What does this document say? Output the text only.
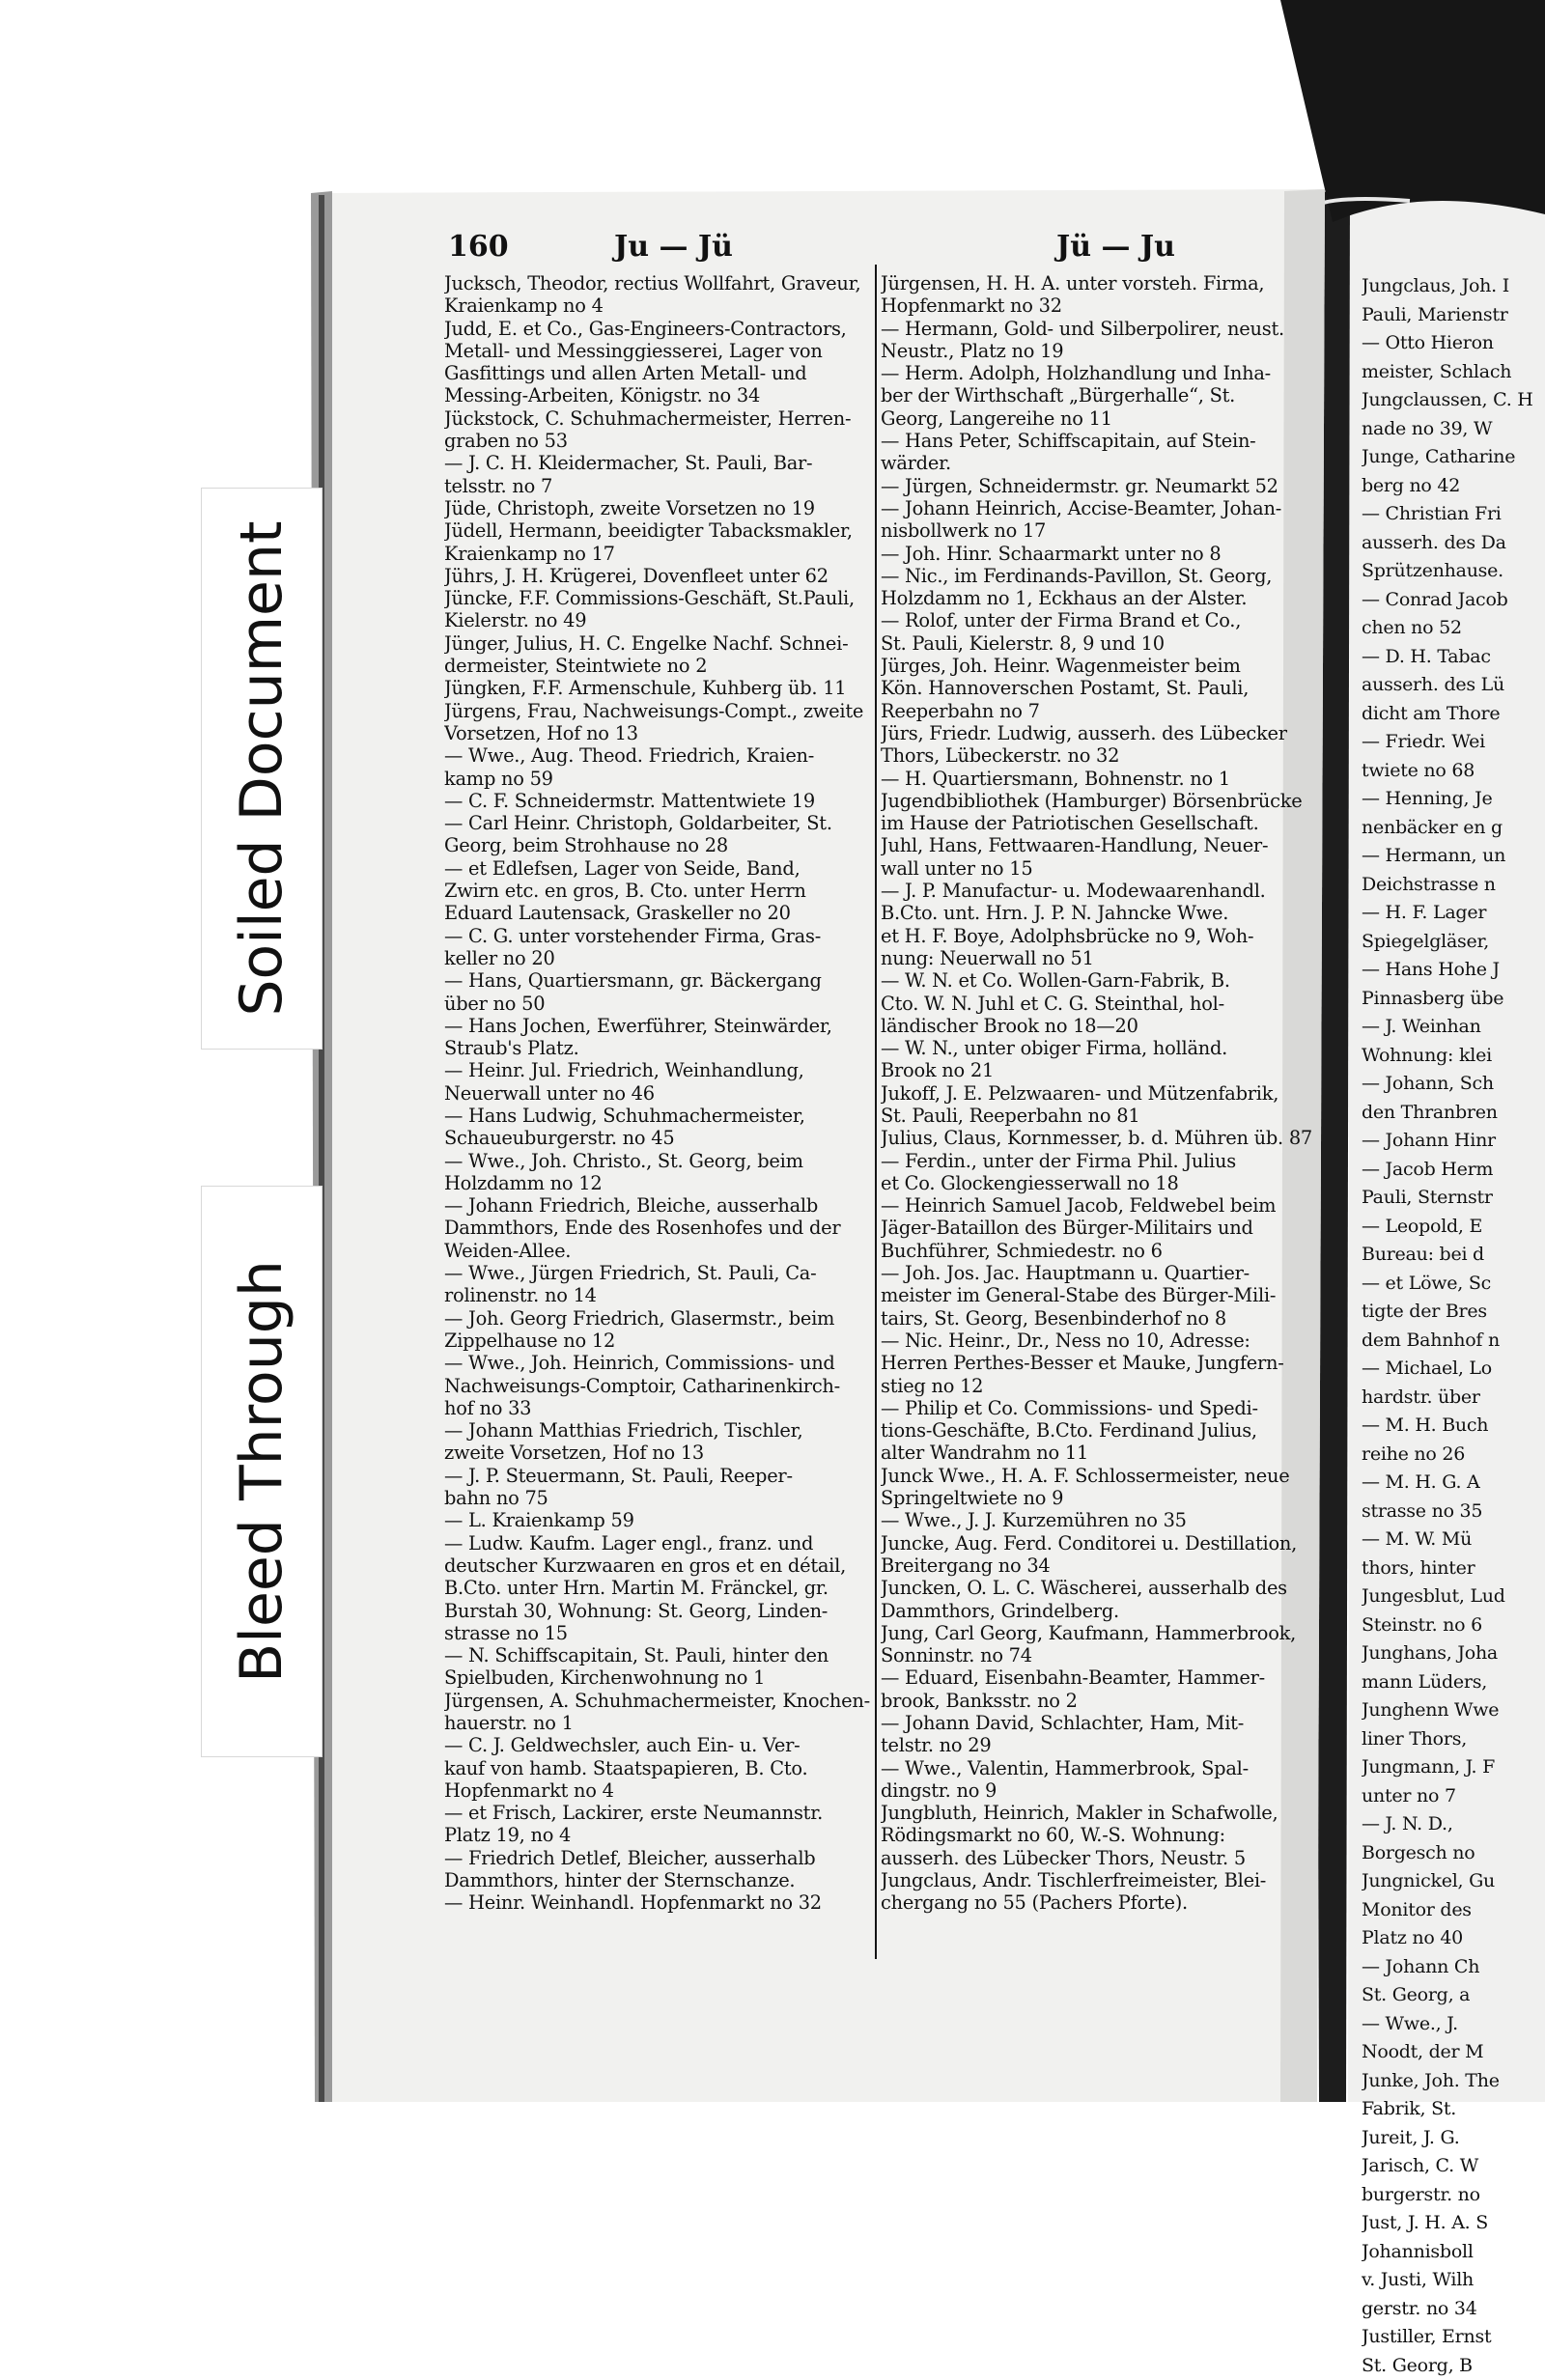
Soiled Document
Bleed Through
160	Ju — Jü	Jü — Ju
Jucksch, Theodor, rectius Wollfahrt, Graveur,
Kraienkamp no 4
Judd, E. et Co., Gas-Engineers-Contractors,
Metall- und Messinggiesserei, Lager von
Gasfittings und allen Arten Metall- und
Messing-Arbeiten, Königstr. no 34
Jückstock, C. Schuhmachermeister, Herren-
graben no 53
— J. C. H. Kleidermacher, St. Pauli, Bar-
telsstr. no 7
Jüde, Christoph, zweite Vorsetzen no 19
Jüdell, Hermann, beeidigter Tabacksmakler,
Kraienkamp no 17
Jührs, J. H. Krügerei, Dovenfleet unter 62
Jüncke, F.F. Commissions-Geschäft, St.Pauli,
Kielerstr. no 49
Jünger, Julius, H. C. Engelke Nachf. Schnei-
dermeister, Steintwiete no 2
Jüngken, F.F. Armenschule, Kuhberg üb. 11
Jürgens, Frau, Nachweisungs-Compt., zweite
Vorsetzen, Hof no 13
— Wwe., Aug. Theod. Friedrich, Kraien-
kamp no 59
— C. F. Schneidermstr. Mattentwiete 19
— Carl Heinr. Christoph, Goldarbeiter, St.
Georg, beim Strohhause no 28
— et Edlefsen, Lager von Seide, Band,
Zwirn etc. en gros, B. Cto. unter Herrn
Eduard Lautensack, Graskeller no 20
— C. G. unter vorstehender Firma, Gras-
keller no 20
— Hans, Quartiersmann, gr. Bäckergang
über no 50
— Hans Jochen, Ewerführer, Steinwärder,
Straub's Platz.
— Heinr. Jul. Friedrich, Weinhandlung,
Neuerwall unter no 46
— Hans Ludwig, Schuhmachermeister,
Schaueuburgerstr. no 45
— Wwe., Joh. Christo., St. Georg, beim
Holzdamm no 12
— Johann Friedrich, Bleiche, ausserhalb
Dammthors, Ende des Rosenhofes und der
Weiden-Allee.
— Wwe., Jürgen Friedrich, St. Pauli, Ca-
rolinenstr. no 14
— Joh. Georg Friedrich, Glasermstr., beim
Zippelhause no 12
— Wwe., Joh. Heinrich, Commissions- und
Nachweisungs-Comptoir, Catharinenkirch-
hof no 33
— Johann Matthias Friedrich, Tischler,
zweite Vorsetzen, Hof no 13
— J. P. Steuermann, St. Pauli, Reeper-
bahn no 75
— L. Kraienkamp 59
— Ludw. Kaufm. Lager engl., franz. und
deutscher Kurzwaaren en gros et en détail,
B.Cto. unter Hrn. Martin M. Fränckel, gr.
Burstah 30, Wohnung: St. Georg, Linden-
strasse no 15
— N. Schiffscapitain, St. Pauli, hinter den
Spielbuden, Kirchenwohnung no 1
Jürgensen, A. Schuhmachermeister, Knochen-
hauerstr. no 1
— C. J. Geldwechsler, auch Ein- u. Ver-
kauf von hamb. Staatspapieren, B. Cto.
Hopfenmarkt no 4
— et Frisch, Lackirer, erste Neumannstr.
Platz 19, no 4
— Friedrich Detlef, Bleicher, ausserhalb
Dammthors, hinter der Sternschanze.
— Heinr. Weinhandl. Hopfenmarkt no 32
Jürgensen, H. H. A. unter vorsteh. Firma,
Hopfenmarkt no 32
— Hermann, Gold- und Silberpolirer, neust.
Neustr., Platz no 19
— Herm. Adolph, Holzhandlung und Inha-
ber der Wirthschaft „Bürgerhalle“, St.
Georg, Langereihe no 11
— Hans Peter, Schiffscapitain, auf Stein-
wärder.
— Jürgen, Schneidermstr. gr. Neumarkt 52
— Johann Heinrich, Accise-Beamter, Johan-
nisbollwerk no 17
— Joh. Hinr. Schaarmarkt unter no 8
— Nic., im Ferdinands-Pavillon, St. Georg,
Holzdamm no 1, Eckhaus an der Alster.
— Rolof, unter der Firma Brand et Co.,
St. Pauli, Kielerstr. 8, 9 und 10
Jürges, Joh. Heinr. Wagenmeister beim
Kön. Hannoverschen Postamt, St. Pauli,
Reeperbahn no 7
Jürs, Friedr. Ludwig, ausserh. des Lübecker
Thors, Lübeckerstr. no 32
— H. Quartiersmann, Bohnenstr. no 1
Jugendbibliothek (Hamburger) Börsenbrücke
im Hause der Patriotischen Gesellschaft.
Juhl, Hans, Fettwaaren-Handlung, Neuer-
wall unter no 15
— J. P. Manufactur- u. Modewaarenhandl.
B.Cto. unt. Hrn. J. P. N. Jahncke Wwe.
et H. F. Boye, Adolphsbrücke no 9, Woh-
nung: Neuerwall no 51
— W. N. et Co. Wollen-Garn-Fabrik, B.
Cto. W. N. Juhl et C. G. Steinthal, hol-
ländischer Brook no 18—20
— W. N., unter obiger Firma, holländ.
Brook no 21
Jukoff, J. E. Pelzwaaren- und Mützenfabrik,
St. Pauli, Reeperbahn no 81
Julius, Claus, Kornmesser, b. d. Mühren üb. 87
— Ferdin., unter der Firma Phil. Julius
et Co. Glockengiesserwall no 18
— Heinrich Samuel Jacob, Feldwebel beim
Jäger-Bataillon des Bürger-Militairs und
Buchführer, Schmiedestr. no 6
— Joh. Jos. Jac. Hauptmann u. Quartier-
meister im General-Stabe des Bürger-Mili-
tairs, St. Georg, Besenbinderhof no 8
— Nic. Heinr., Dr., Ness no 10, Adresse:
Herren Perthes-Besser et Mauke, Jungfern-
stieg no 12
— Philip et Co. Commissions- und Spedi-
tions-Geschäfte, B.Cto. Ferdinand Julius,
alter Wandrahm no 11
Junck Wwe., H. A. F. Schlossermeister, neue
Springeltwiete no 9
— Wwe., J. J. Kurzemühren no 35
Juncke, Aug. Ferd. Conditorei u. Destillation,
Breitergang no 34
Juncken, O. L. C. Wäscherei, ausserhalb des
Dammthors, Grindelberg.
Jung, Carl Georg, Kaufmann, Hammerbrook,
Sonninstr. no 74
— Eduard, Eisenbahn-Beamter, Hammer-
brook, Banksstr. no 2
— Johann David, Schlachter, Ham, Mit-
telstr. no 29
— Wwe., Valentin, Hammerbrook, Spal-
dingstr. no 9
Jungbluth, Heinrich, Makler in Schafwolle,
Rödingsmarkt no 60, W.-S. Wohnung:
ausserh. des Lübecker Thors, Neustr. 5
Jungclaus, Andr. Tischlerfreimeister, Blei-
chergang no 55 (Pachers Pforte).
Jungclaus, Joh. I
Pauli, Marienstr
— Otto Hieron
meister, Schlach
Jungclaussen, C. H
nade no 39, W
Junge, Catharine
berg no 42
— Christian Fri
ausserh. des Da
Sprützenhause.
— Conrad Jacob
chen no 52
— D. H. Tabac
ausserh. des Lü
dicht am Thore
— Friedr. Wei
twiete no 68
— Henning, Je
nenbäcker en g
— Hermann, un
Deichstrasse n
— H. F. Lager
Spiegelgläser,
— Hans Hohe J
Pinnasberg übe
— J. Weinhan
Wohnung: klei
— Johann, Sch
den Thranbren
— Johann Hinr
— Jacob Herm
Pauli, Sternstr
— Leopold, E
Bureau: bei d
— et Löwe, Sc
tigte der Bres
dem Bahnhof n
— Michael, Lo
hardstr. über
— M. H. Buch
reihe no 26
— M. H. G. A
strasse no 35
— M. W. Mü
thors, hinter
Jungesblut, Lud
Steinstr. no 6
Junghans, Joha
mann Lüders,
Junghenn Wwe
liner Thors,
Jungmann, J. F
unter no 7
— J. N. D.,
Borgesch no
Jungnickel, Gu
Monitor des
Platz no 40
— Johann Ch
St. Georg, a
— Wwe., J.
Noodt, der M
Junke, Joh. The
Fabrik, St.
Jureit, J. G.
Jarisch, C. W
burgerstr. no
Just, J. H. A. S
Johannisboll
v. Justi, Wilh
gerstr. no 34
Justiller, Ernst
St. Georg, B
